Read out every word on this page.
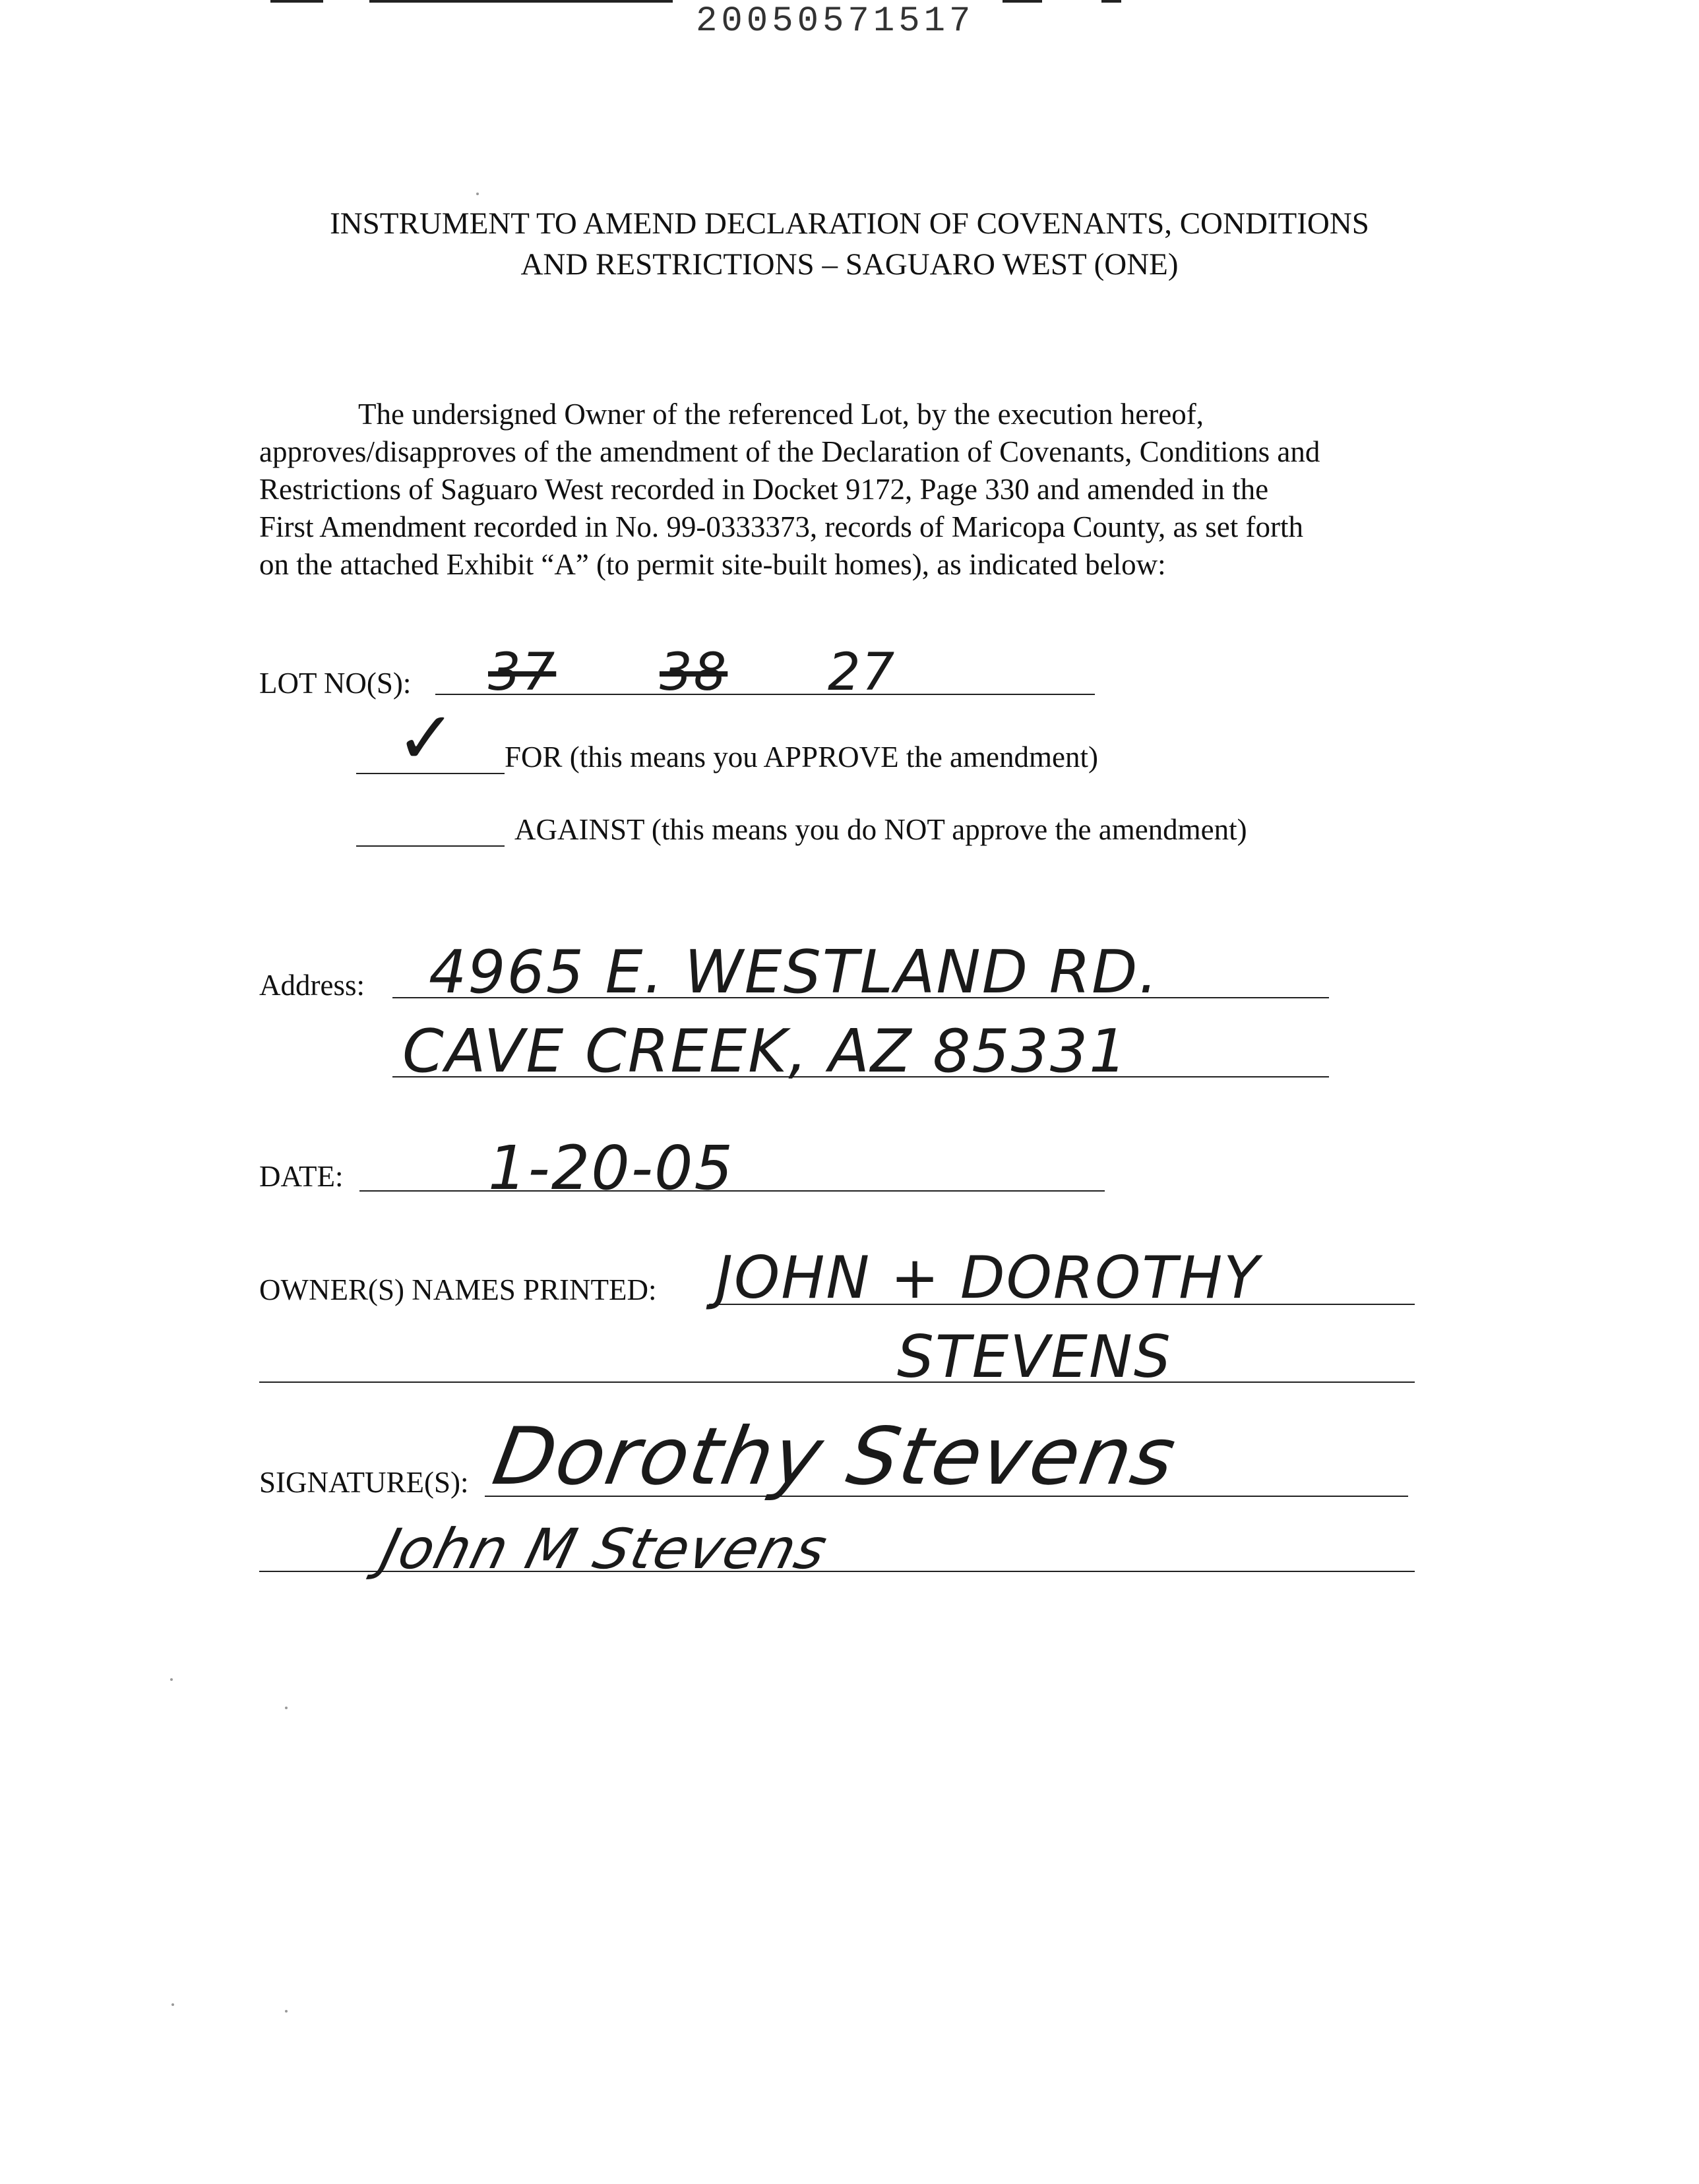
20050571517
INSTRUMENT TO AMEND DECLARATION OF COVENANTS, CONDITIONS
AND RESTRICTIONS – SAGUARO WEST (ONE)
The undersigned Owner of the referenced Lot, by the execution hereof,
approves/disapproves of the amendment of the Declaration of Covenants, Conditions and
Restrictions of Saguaro West recorded in Docket 9172, Page 330 and amended in the
First Amendment recorded in No. 99-0333373, records of Maricopa County, as set forth
on the attached Exhibit “A” (to permit site-built homes), as indicated below:
LOT NO(S): 37 38 27
✓ FOR (this means you APPROVE the amendment)
AGAINST (this means you do NOT approve the amendment)
Address: 4965 E. WESTLAND RD.
CAVE CREEK, AZ 85331
DATE: 1-20-05
OWNER(S) NAMES PRINTED: JOHN + DOROTHY
STEVENS
SIGNATURE(S): Dorothy Stevens
John M Stevens
